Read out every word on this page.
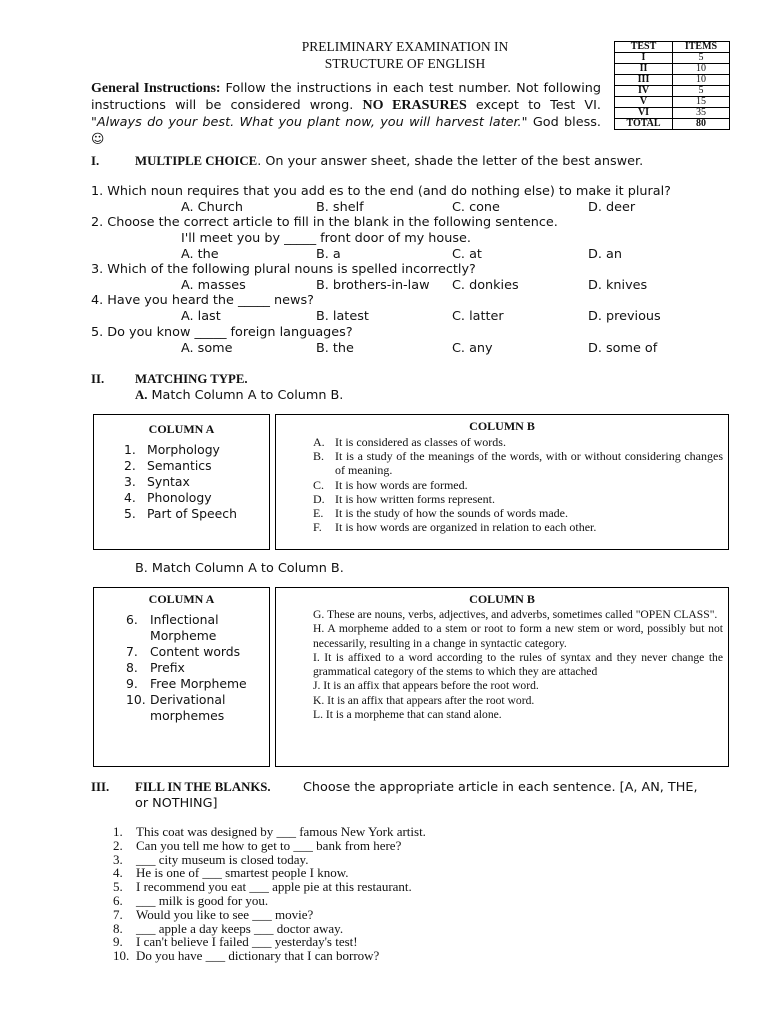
PRELIMINARY EXAMINATION IN
STRUCTURE OF ENGLISH
TEST	ITEMS
I	5
II	10
III	10
IV	5
V	15
VI	35
TOTAL	80
General Instructions: Follow the instructions in each test number. Not following instructions will be considered wrong. NO ERASURES except to Test VI. "Always do your best. What you plant now, you will harvest later." God bless. ☺
I.	MULTIPLE CHOICE. On your answer sheet, shade the letter of the best answer.
1. Which noun requires that you add es to the end (and do nothing else) to make it plural?
A. Church	B. shelf	C. cone	D. deer
2. Choose the correct article to fill in the blank in the following sentence.
I'll meet you by _____ front door of my house.
A. the	B. a	C. at	D. an
3. Which of the following plural nouns is spelled incorrectly?
A. masses	B. brothers-in-law C. donkies	D. knives
4. Have you heard the _____ news?
A. last	B. latest	C. latter	D. previous
5. Do you know _____ foreign languages?
A. some	B. the	C. any	D. some of
II. MATCHING TYPE.
A. Match Column A to Column B.
COLUMN A
1. Morphology
2. Semantics
3. Syntax
4. Phonology
5. Part of Speech
COLUMN B
A. It is considered as classes of words.
B. It is a study of the meanings of the words, with or without considering changes of meaning.
C. It is how words are formed.
D. It is how written forms represent.
E. It is the study of how the sounds of words made.
F.	It is how words are organized in relation to each other.
B. Match Column A to Column B.
COLUMN A
6. Inflectional Morpheme
7. Content words
8. Prefix
9. Free Morpheme
10. Derivational morphemes
COLUMN B
G. These are nouns, verbs, adjectives, and adverbs, sometimes called "OPEN CLASS".
H. A morpheme added to a stem or root to form a new stem or word, possibly but not necessarily, resulting in a change in syntactic category.
I. It is affixed to a word according to the rules of syntax and they never change the grammatical category of the stems to which they are attached
J. It is an affix that appears before the root word.
K. It is an affix that appears after the root word.
L. It is a morpheme that can stand alone.
III. FILL IN THE BLANKS.	Choose the appropriate article in each sentence. [A, AN, THE,
or NOTHING]
1.	This coat was designed by ___ famous New York artist.
2.	Can you tell me how to get to ___ bank from here?
3.	___ city museum is closed today.
4.	He is one of ___ smartest people I know.
5.	I recommend you eat ___ apple pie at this restaurant.
6.	___ milk is good for you.
7.	Would you like to see ___ movie?
8.	___ apple a day keeps ___ doctor away.
9.	I can't believe I failed ___ yesterday's test!
10. Do you have ___ dictionary that I can borrow?
